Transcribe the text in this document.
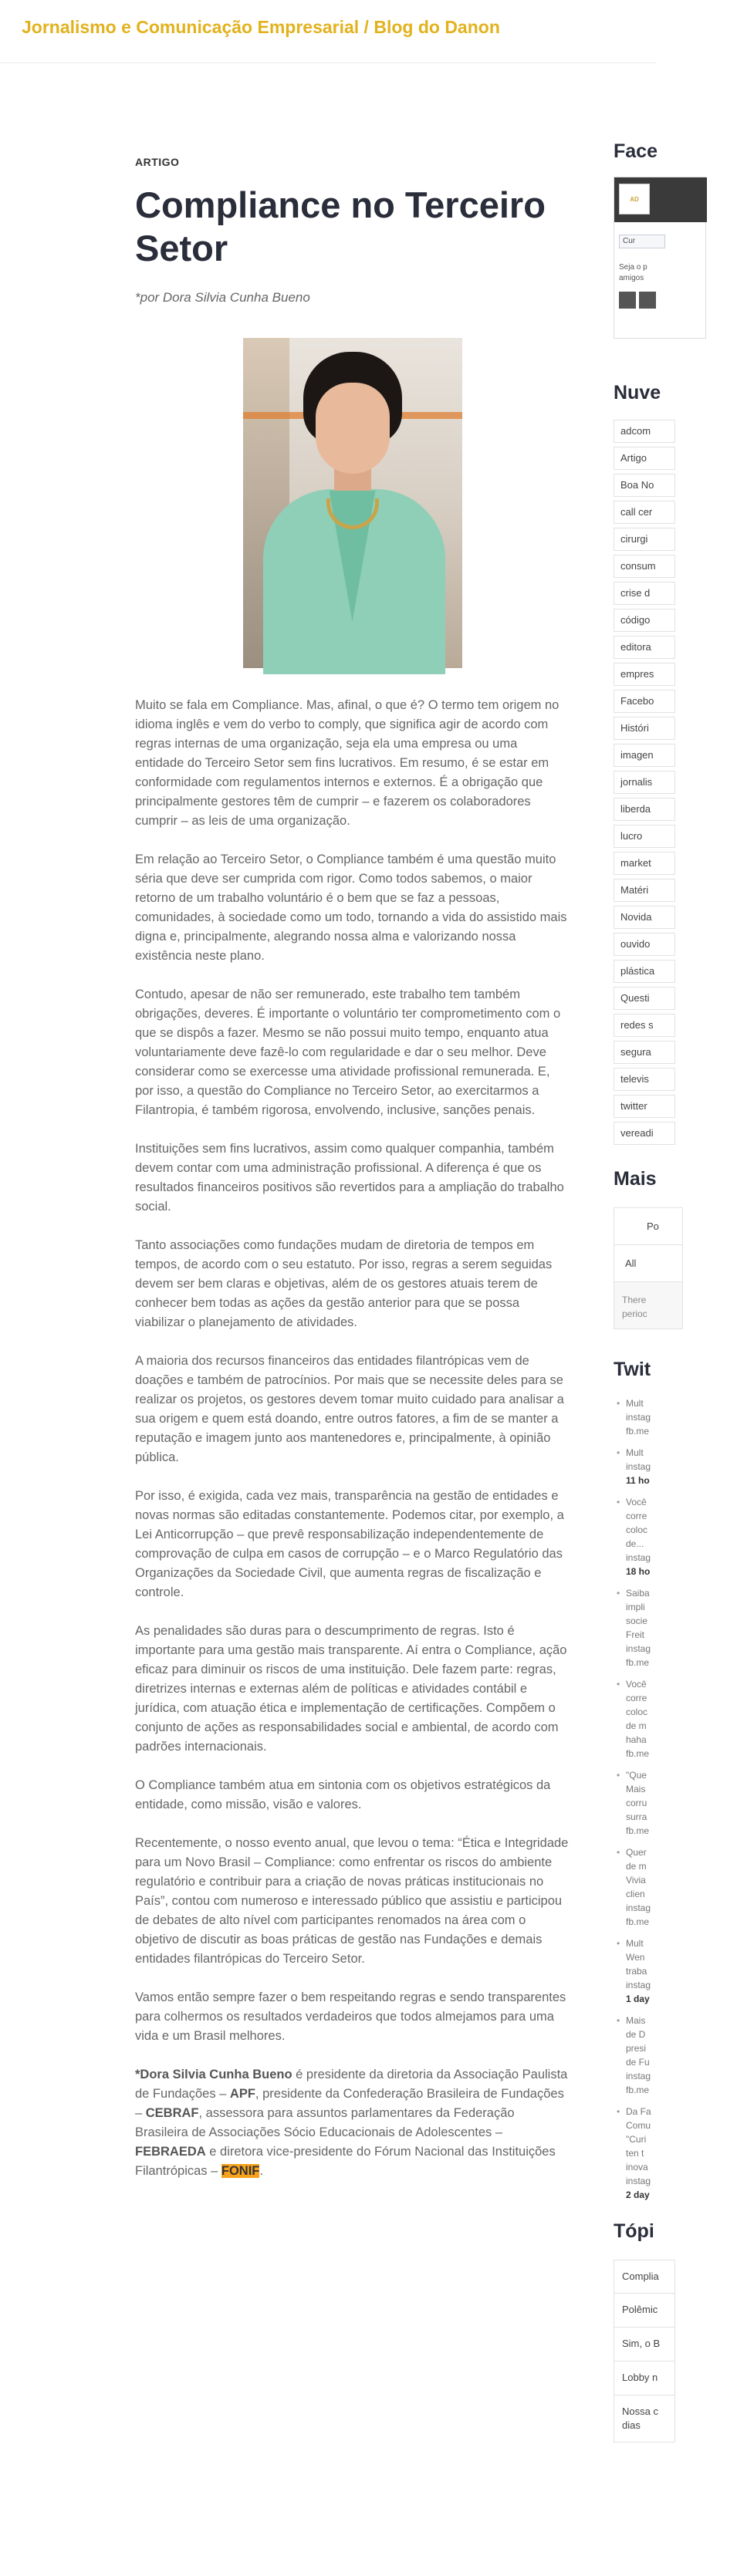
Jornalismo e Comunicação Empresarial / Blog do Danon
ARTIGO
Compliance no Terceiro Setor
*por Dora Silvia Cunha Bueno

Muito se fala em Compliance. Mas, afinal, o que é? O termo tem origem no idioma inglês e vem do verbo to comply, que significa agir de acordo com regras internas de uma organização, seja ela uma empresa ou uma entidade do Terceiro Setor sem fins lucrativos. Em resumo, é se estar em conformidade com regulamentos internos e externos. É a obrigação que principalmente gestores têm de cumprir – e fazerem os colaboradores cumprir – as leis de uma organização.

Em relação ao Terceiro Setor, o Compliance também é uma questão muito séria que deve ser cumprida com rigor. Como todos sabemos, o maior retorno de um trabalho voluntário é o bem que se faz a pessoas, comunidades, à sociedade como um todo, tornando a vida do assistido mais digna e, principalmente, alegrando nossa alma e valorizando nossa existência neste plano.

Contudo, apesar de não ser remunerado, este trabalho tem também obrigações, deveres. É importante o voluntário ter comprometimento com o que se dispôs a fazer. Mesmo se não possui muito tempo, enquanto atua voluntariamente deve fazê-lo com regularidade e dar o seu melhor. Deve considerar como se exercesse uma atividade profissional remunerada. E, por isso, a questão do Compliance no Terceiro Setor, ao exercitarmos a Filantropia, é também rigorosa, envolvendo, inclusive, sanções penais.

Instituições sem fins lucrativos, assim como qualquer companhia, também devem contar com uma administração profissional. A diferença é que os resultados financeiros positivos são revertidos para a ampliação do trabalho social.

Tanto associações como fundações mudam de diretoria de tempos em tempos, de acordo com o seu estatuto. Por isso, regras a serem seguidas devem ser bem claras e objetivas, além de os gestores atuais terem de conhecer bem todas as ações da gestão anterior para que se possa viabilizar o planejamento de atividades.

A maioria dos recursos financeiros das entidades filantrópicas vem de doações e também de patrocínios. Por mais que se necessite deles para se realizar os projetos, os gestores devem tomar muito cuidado para analisar a sua origem e quem está doando, entre outros fatores, a fim de se manter a reputação e imagem junto aos mantenedores e, principalmente, à opinião pública.

Por isso, é exigida, cada vez mais, transparência na gestão de entidades e novas normas são editadas constantemente. Podemos citar, por exemplo, a Lei Anticorrupção – que prevê responsabilização independentemente de comprovação de culpa em casos de corrupção – e o Marco Regulatório das Organizações da Sociedade Civil, que aumenta regras de fiscalização e controle.

As penalidades são duras para o descumprimento de regras. Isto é importante para uma gestão mais transparente. Aí entra o Compliance, ação eficaz para diminuir os riscos de uma instituição. Dele fazem parte: regras, diretrizes internas e externas além de políticas e atividades contábil e jurídica, com atuação ética e implementação de certificações. Compõem o conjunto de ações as responsabilidades social e ambiental, de acordo com padrões internacionais.

O Compliance também atua em sintonia com os objetivos estratégicos da entidade, como missão, visão e valores.

Recentemente, o nosso evento anual, que levou o tema: “Ética e Integridade para um Novo Brasil – Compliance: como enfrentar os riscos do ambiente regulatório e contribuir para a criação de novas práticas institucionais no País”, contou com numeroso e interessado público que assistiu e participou de debates de alto nível com participantes renomados na área com o objetivo de discutir as boas práticas de gestão nas Fundações e demais entidades filantrópicas do Terceiro Setor.

Vamos então sempre fazer o bem respeitando regras e sendo transparentes para colhermos os resultados verdadeiros que todos almejamos para uma vida e um Brasil melhores.

*Dora Silvia Cunha Bueno é presidente da diretoria da Associação Paulista de Fundações – APF, presidente da Confederação Brasileira de Fundações – CEBRAF, assessora para assuntos parlamentares da Federação Brasileira de Associações Sócio Educacionais de Adolescentes – FEBRAEDA e diretora vice-presidente do Fórum Nacional das Instituições Filantrópicas – FONIF.

Face
AD
Cur
Seja o p
amigos
Nuve
adcom
Artigo
Boa No
call cer
cirurgi
consum
crise d
código
editora
empres
Facebo
Históri
imagen
jornalis
liberda
lucro
market
Matéri
Novida
ouvido
plástica
Questi
redes s
segura
televis
twitter
vereadi
Mais
Po
All
There
perioc
Twit
• Mult
instag
fb.me
• Mult
instag
11 ho
• Você
corre
coloc
de...
instag
18 ho
• Saiba
impli
socie
Freit
instag
fb.me
• Você
corre
coloc
de m
haha
fb.me
• "Que
Mais
corru
surra
fb.me
• Quer
de m
Vivia
clien
instag
fb.me
• Mult
Wen
traba
instag
1 day
• Mais
de D
presi
de Fu
instag
fb.me
• Da Fa
Comu
"Curi
ten t
inova
instag
2 day
Tópi
Complia
Polêmic
Sim, o B
Lobby n
Nossa c
dias
